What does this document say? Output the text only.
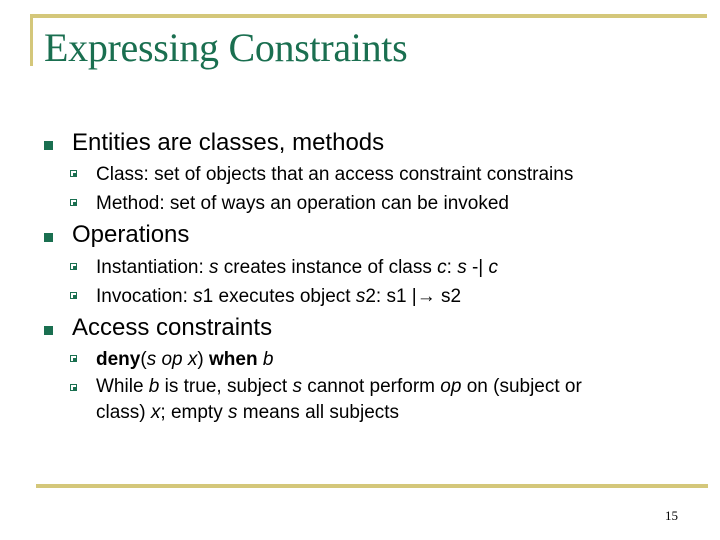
Expressing Constraints
Entities are classes, methods
Class: set of objects that an access constraint constrains
Method: set of ways an operation can be invoked
Operations
Instantiation: s creates instance of class c: s -| c
Invocation: s1 executes object s2: s1 |→ s2
Access constraints
deny(s op x) when b
While b is true, subject s cannot perform op on (subject or
class) x; empty s means all subjects
15
